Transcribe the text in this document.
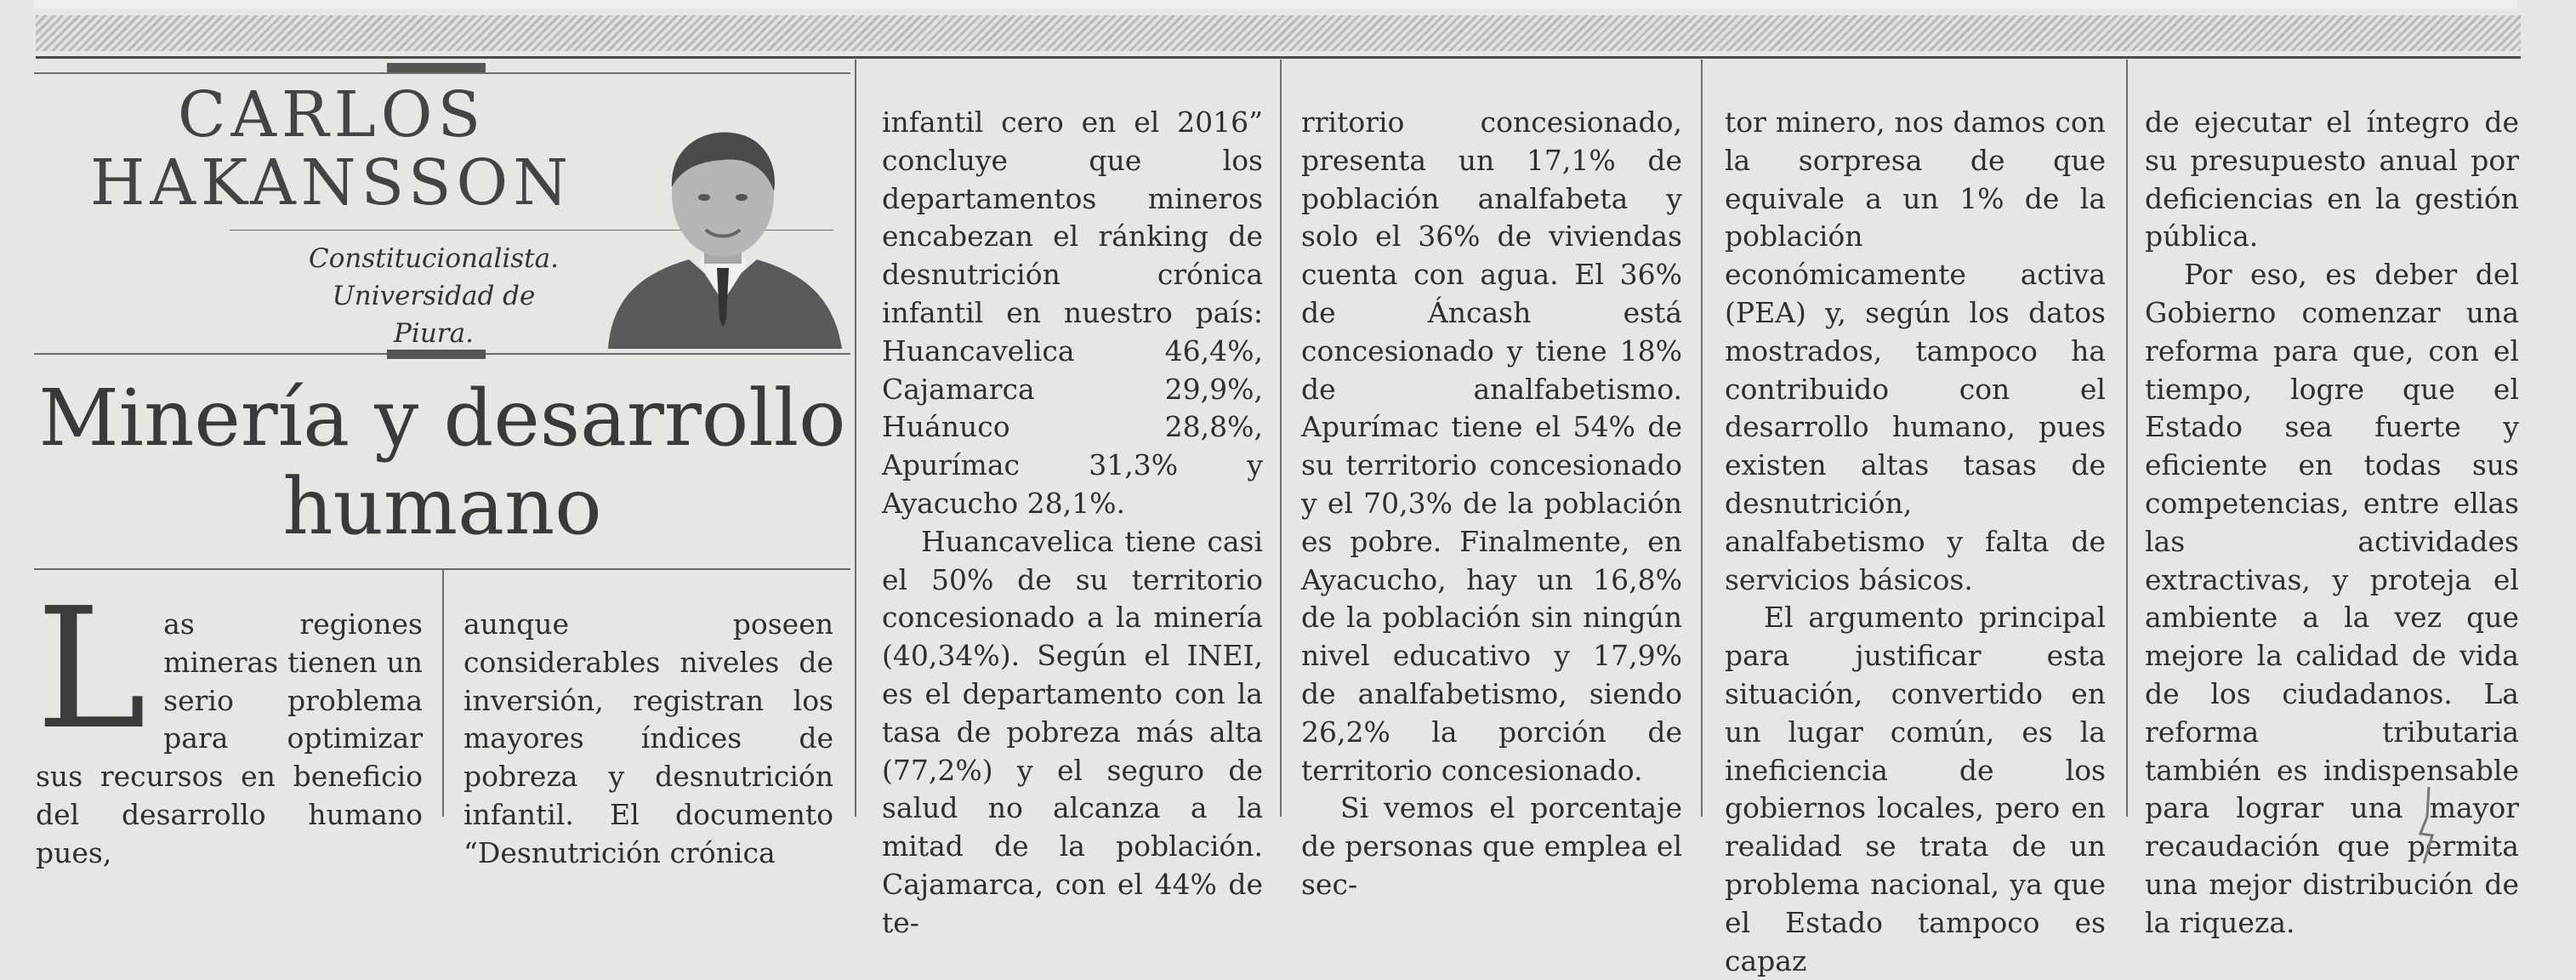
CARLOS HAKANSSON
Constitucionalista.
Universidad de Piura.
Minería y desarrollo humano
L as regiones mineras tienen un serio problema para optimizar sus recursos en beneficio del desarrollo humano pues,

aunque poseen considerables niveles de inversión, registran los mayores índices de pobreza y desnutrición infantil. El documento “Desnutrición crónica

infantil cero en el 2016” concluye que los departamentos mineros encabezan el ránking de desnutrición crónica infantil en nuestro país: Huancavelica 46,4%, Cajamarca 29,9%, Huánuco 28,8%, Apurímac 31,3% y Ayacucho 28,1%.

Huancavelica tiene casi el 50% de su territorio concesionado a la minería (40,34%). Según el INEI, es el departamento con la tasa de pobreza más alta (77,2%) y el seguro de salud no alcanza a la mitad de la población. Cajamarca, con el 44% de te-

rritorio concesionado, presenta un 17,1% de población analfabeta y solo el 36% de viviendas cuenta con agua. El 36% de Áncash está concesionado y tiene 18% de analfabetismo. Apurímac tiene el 54% de su territorio concesionado y el 70,3% de la población es pobre. Finalmente, en Ayacucho, hay un 16,8% de la población sin ningún nivel educativo y 17,9% de analfabetismo, siendo 26,2% la porción de territorio concesionado.

Si vemos el porcentaje de personas que emplea el sec-

tor minero, nos damos con la sorpresa de que equivale a un 1% de la población económicamente activa (PEA) y, según los datos mostrados, tampoco ha contribuido con el desarrollo humano, pues existen altas tasas de desnutrición, analfabetismo y falta de servicios básicos.

El argumento principal para justificar esta situación, convertido en un lugar común, es la ineficiencia de los gobiernos locales, pero en realidad se trata de un problema nacional, ya que el Estado tampoco es capaz

de ejecutar el íntegro de su presupuesto anual por deficiencias en la gestión pública.

Por eso, es deber del Gobierno comenzar una reforma para que, con el tiempo, logre que el Estado sea fuerte y eficiente en todas sus competencias, entre ellas las actividades extractivas, y proteja el ambiente a la vez que mejore la calidad de vida de los ciudadanos. La reforma tributaria también es indispensable para lograr una mayor recaudación que permita una mejor distribución de la riqueza.
